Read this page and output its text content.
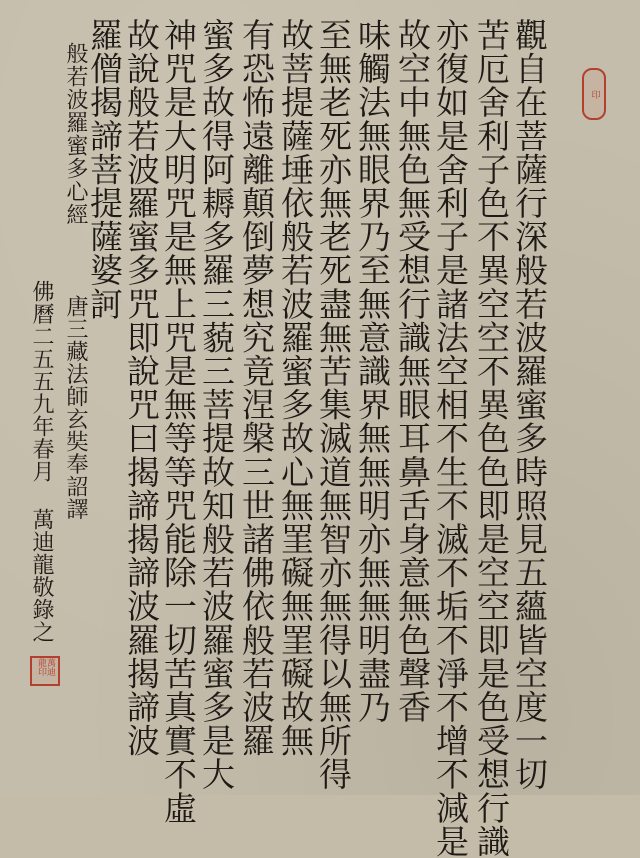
觀自在菩薩行深般若波羅蜜多時照見五蘊皆空度一切
苦厄舍利子色不異空空不異色色即是空空即是色受想行識
亦復如是舍利子是諸法空相不生不滅不垢不淨不增不減是
故空中無色無受想行識無眼耳鼻舌身意無色聲香
味觸法無眼界乃至無意識界無無明亦無無明盡乃
至無老死亦無老死盡無苦集滅道無智亦無得以無所得
故菩提薩埵依般若波羅蜜多故心無罣礙無罣礙故無
有恐怖遠離顛倒夢想究竟涅槃三世諸佛依般若波羅
蜜多故得阿耨多羅三藐三菩提故知般若波羅蜜多是大
神咒是大明咒是無上咒是無等等咒能除一切苦真實不虛
故說般若波羅蜜多咒即說咒曰揭諦揭諦波羅揭諦波
羅僧揭諦菩提薩婆訶
般若波羅蜜多心經
唐三藏法師玄奘奉詔譯
佛曆二五五九年春月 萬迪龍敬錄之
印
萬迪龍印
